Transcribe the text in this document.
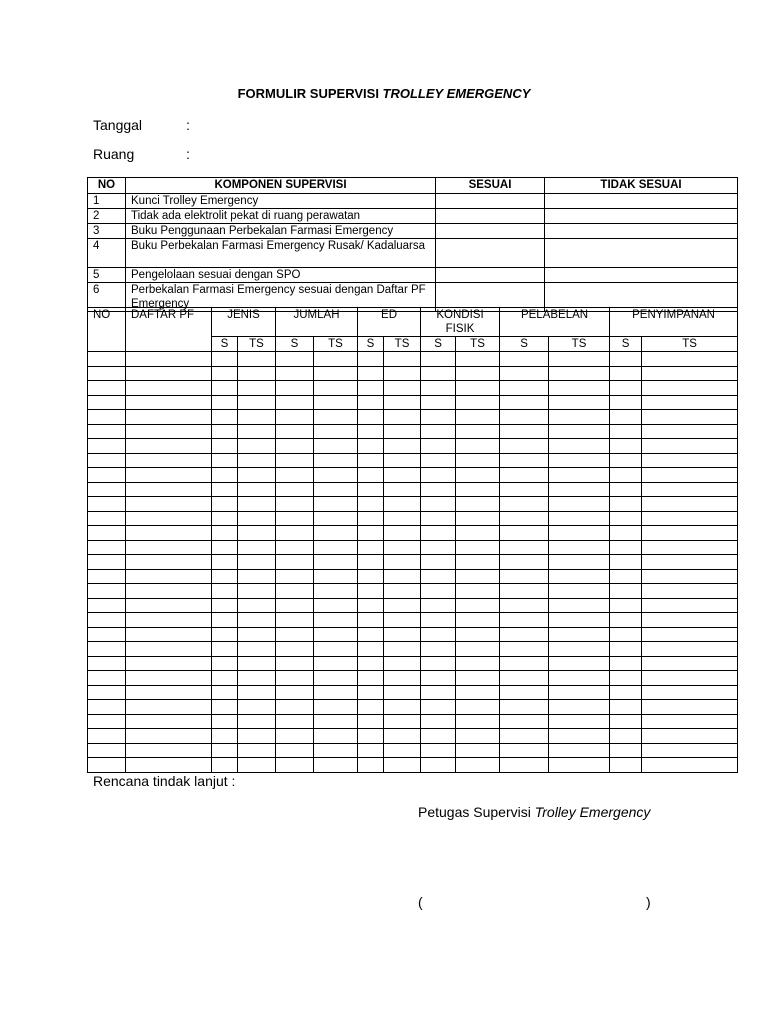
FORMULIR SUPERVISI TROLLEY EMERGENCY
Tanggal	:
Ruang	:
NO	KOMPONEN SUPERVISI	SESUAI	TIDAK SESUAI
1	Kunci Trolley Emergency		
2	Tidak ada elektrolit pekat di ruang perawatan		
3	Buku Penggunaan Perbekalan Farmasi Emergency		
4	Buku Perbekalan Farmasi Emergency Rusak/ Kadaluarsa		
5	Pengelolaan sesuai dengan SPO		
6	Perbekalan Farmasi Emergency sesuai dengan Daftar PF Emergency		
NO	DAFTAR PF	JENIS		JUMLAH		ED		KONDISI FISIK		PELABELAN		PENYIMPANAN	
		S	TS	S	TS	S	TS	S	TS	S	TS	S	TS

Rencana tindak lanjut :
Petugas Supervisi Trolley Emergency
(	)
